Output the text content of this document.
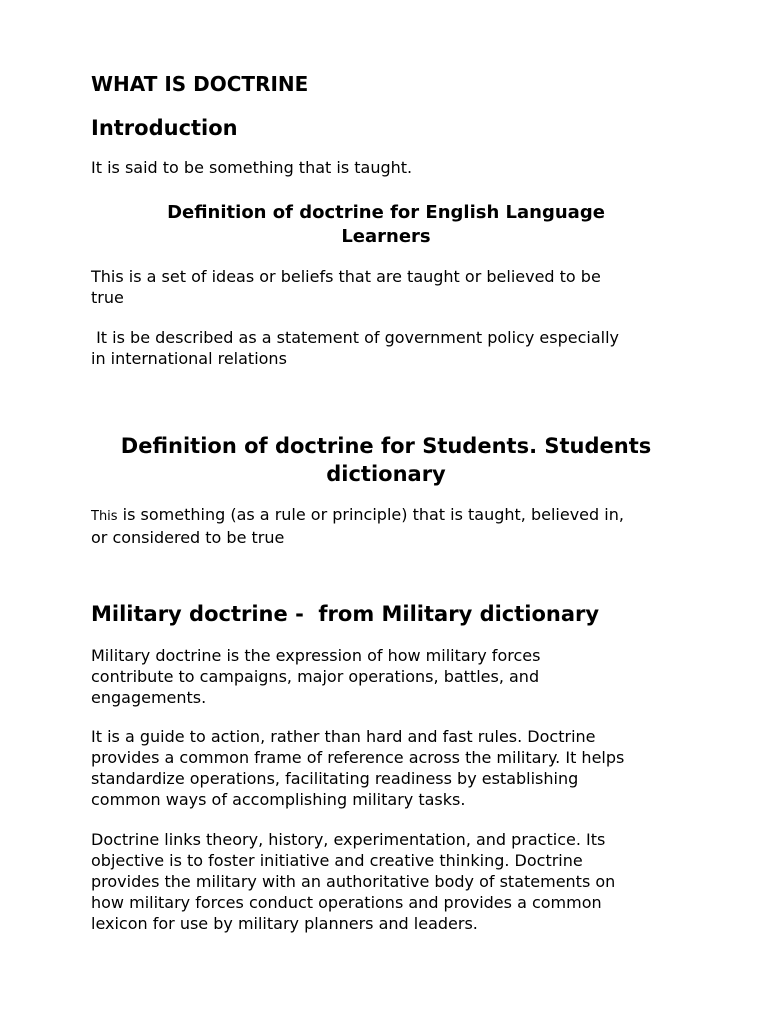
WHAT IS DOCTRINE
Introduction

It is said to be something that is taught.

Definition of doctrine for English Language
Learners

This is a set of ideas or beliefs that are taught or believed to be
true

It is be described as a statement of government policy especially
in international relations

Definition of doctrine for Students. Students
dictionary

This is something (as a rule or principle) that is taught, believed in,
or considered to be true

Military doctrine -  from Military dictionary

Military doctrine is the expression of how military forces
contribute to campaigns, major operations, battles, and
engagements.

It is a guide to action, rather than hard and fast rules. Doctrine
provides a common frame of reference across the military. It helps
standardize operations, facilitating readiness by establishing
common ways of accomplishing military tasks.

Doctrine links theory, history, experimentation, and practice. Its
objective is to foster initiative and creative thinking. Doctrine
provides the military with an authoritative body of statements on
how military forces conduct operations and provides a common
lexicon for use by military planners and leaders.
